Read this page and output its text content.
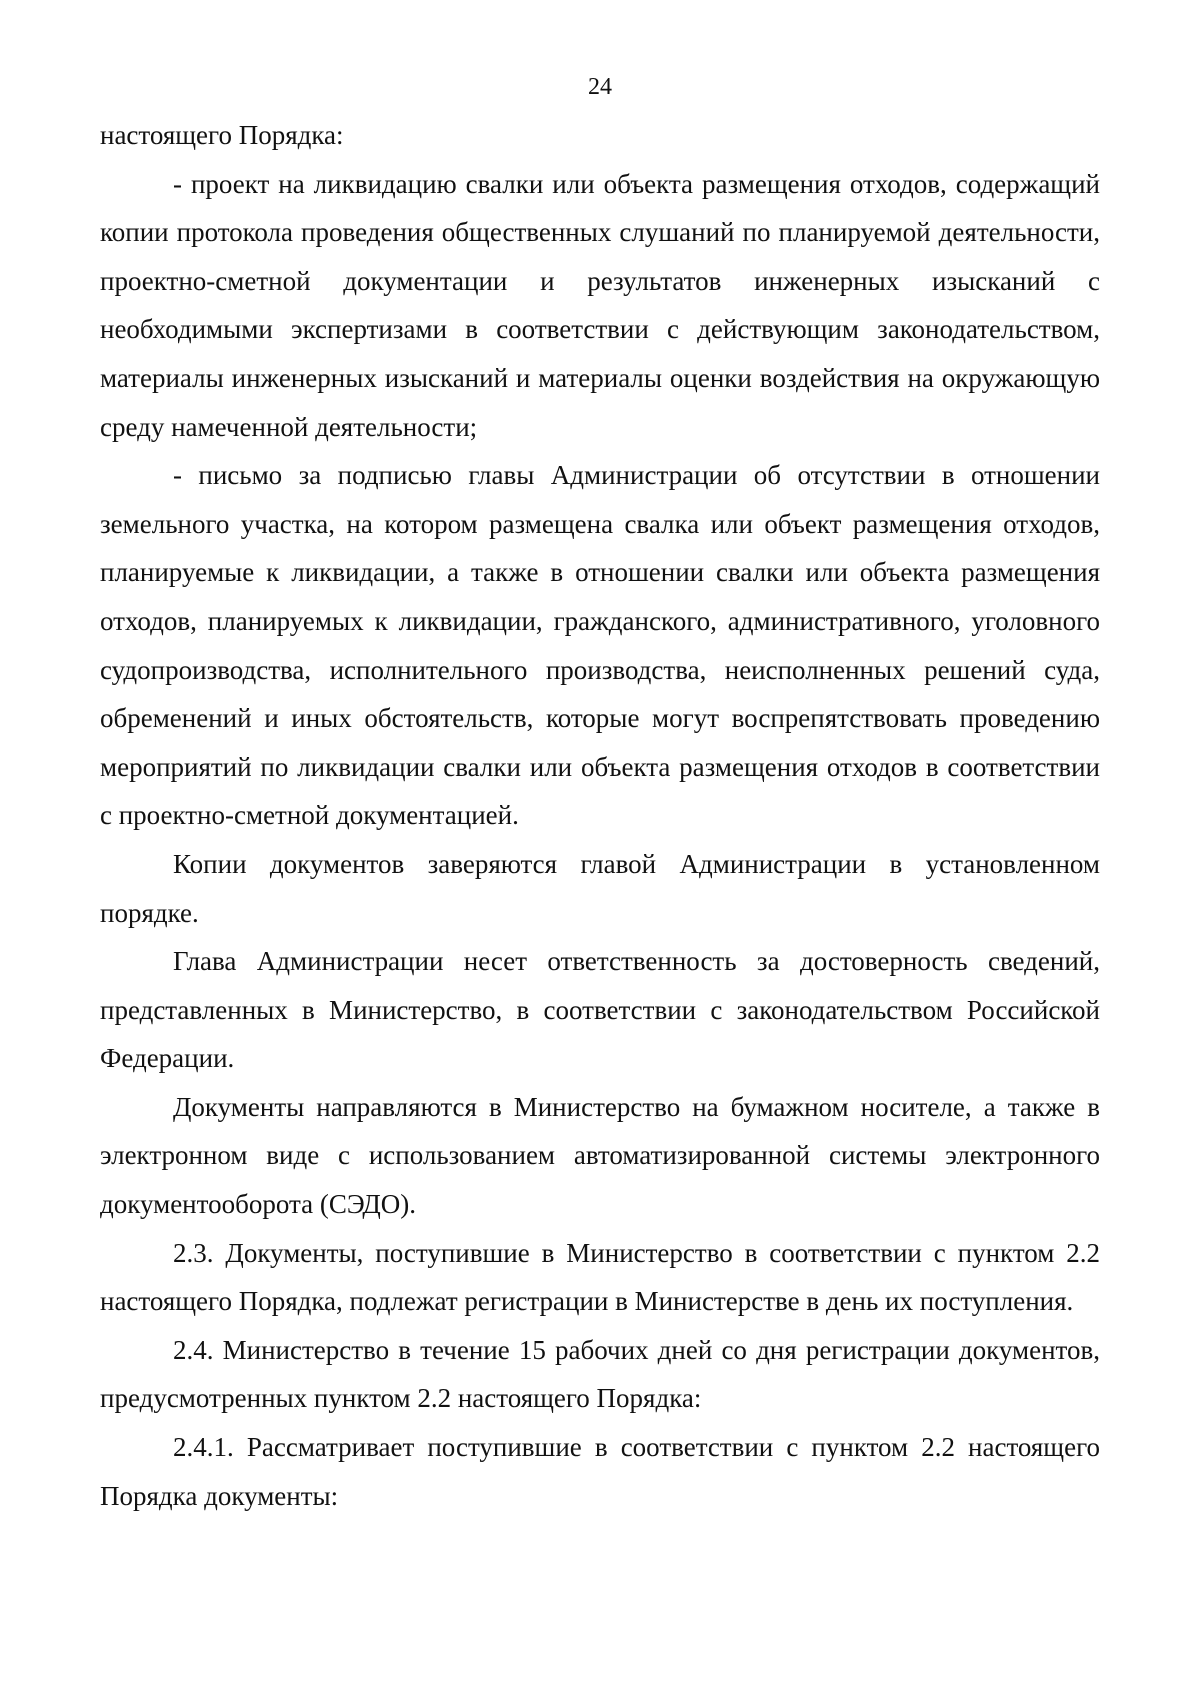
24

настоящего Порядка:

- проект на ликвидацию свалки или объекта размещения отходов, содержащий копии протокола проведения общественных слушаний по планируемой деятельности, проектно-сметной документации и результатов инженерных изысканий с необходимыми экспертизами в соответствии с действующим законодательством, материалы инженерных изысканий и материалы оценки воздействия на окружающую среду намеченной деятельности;

- письмо за подписью главы Администрации об отсутствии в отношении земельного участка, на котором размещена свалка или объект размещения отходов, планируемые к ликвидации, а также в отношении свалки или объекта размещения отходов, планируемых к ликвидации, гражданского, административного, уголовного судопроизводства, исполнительного производства, неисполненных решений суда, обременений и иных обстоятельств, которые могут воспрепятствовать проведению мероприятий по ликвидации свалки или объекта размещения отходов в соответствии с проектно-сметной документацией.

Копии документов заверяются главой Администрации в установленном порядке.

Глава Администрации несет ответственность за достоверность сведений, представленных в Министерство, в соответствии с законодательством Российской Федерации.

Документы направляются в Министерство на бумажном носителе, а также в электронном виде с использованием автоматизированной системы электронного документооборота (СЭДО).

2.3. Документы, поступившие в Министерство в соответствии с пунктом 2.2 настоящего Порядка, подлежат регистрации в Министерстве в день их поступления.

2.4. Министерство в течение 15 рабочих дней со дня регистрации документов, предусмотренных пунктом 2.2 настоящего Порядка:

2.4.1. Рассматривает поступившие в соответствии с пунктом 2.2 настоящего Порядка документы:
